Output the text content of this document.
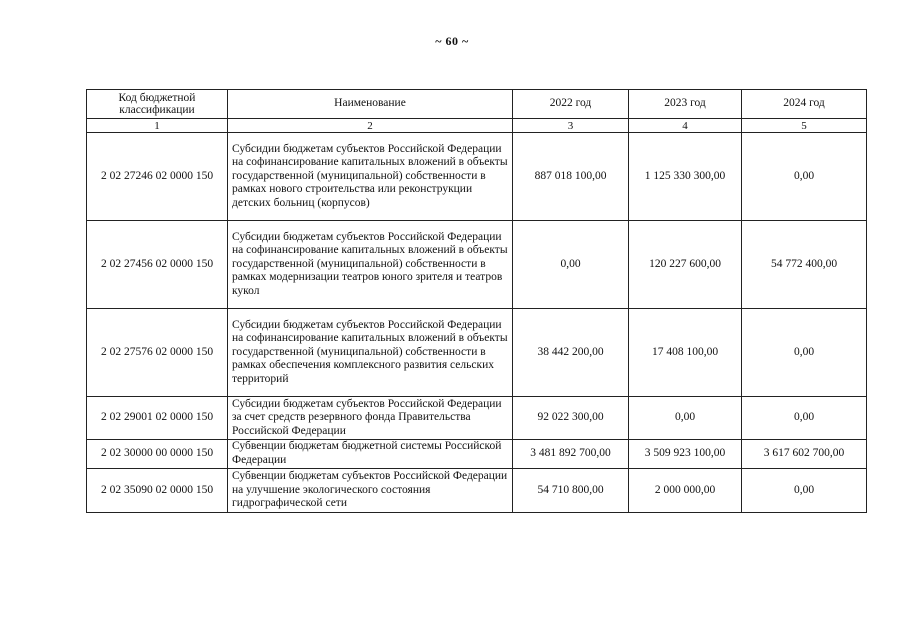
~ 60 ~
Код бюджетной классификации	Наименование	2022 год	2023 год	2024 год
1	2	3	4	5
2 02 27246 02 0000 150	Субсидии бюджетам субъектов Российской Федерации на софинансирование капитальных вложений в объекты государственной (муниципальной) собственности в рамках нового строительства или реконструкции детских больниц (корпусов)	887 018 100,00	1 125 330 300,00	0,00
2 02 27456 02 0000 150	Субсидии бюджетам субъектов Российской Федерации на софинансирование капитальных вложений в объекты государственной (муниципальной) собственности в рамках модернизации театров юного зрителя и театров кукол	0,00	120 227 600,00	54 772 400,00
2 02 27576 02 0000 150	Субсидии бюджетам субъектов Российской Федерации на софинансирование капитальных вложений в объекты государственной (муниципальной) собственности в рамках обеспечения комплексного развития сельских территорий	38 442 200,00	17 408 100,00	0,00
2 02 29001 02 0000 150	Субсидии бюджетам субъектов Российской Федерации за счет средств резервного фонда Правительства Российской Федерации	92 022 300,00	0,00	0,00
2 02 30000 00 0000 150	Субвенции бюджетам бюджетной системы Российской Федерации	3 481 892 700,00	3 509 923 100,00	3 617 602 700,00
2 02 35090 02 0000 150	Субвенции бюджетам субъектов Российской Федерации на улучшение экологического состояния гидрографической сети	54 710 800,00	2 000 000,00	0,00
